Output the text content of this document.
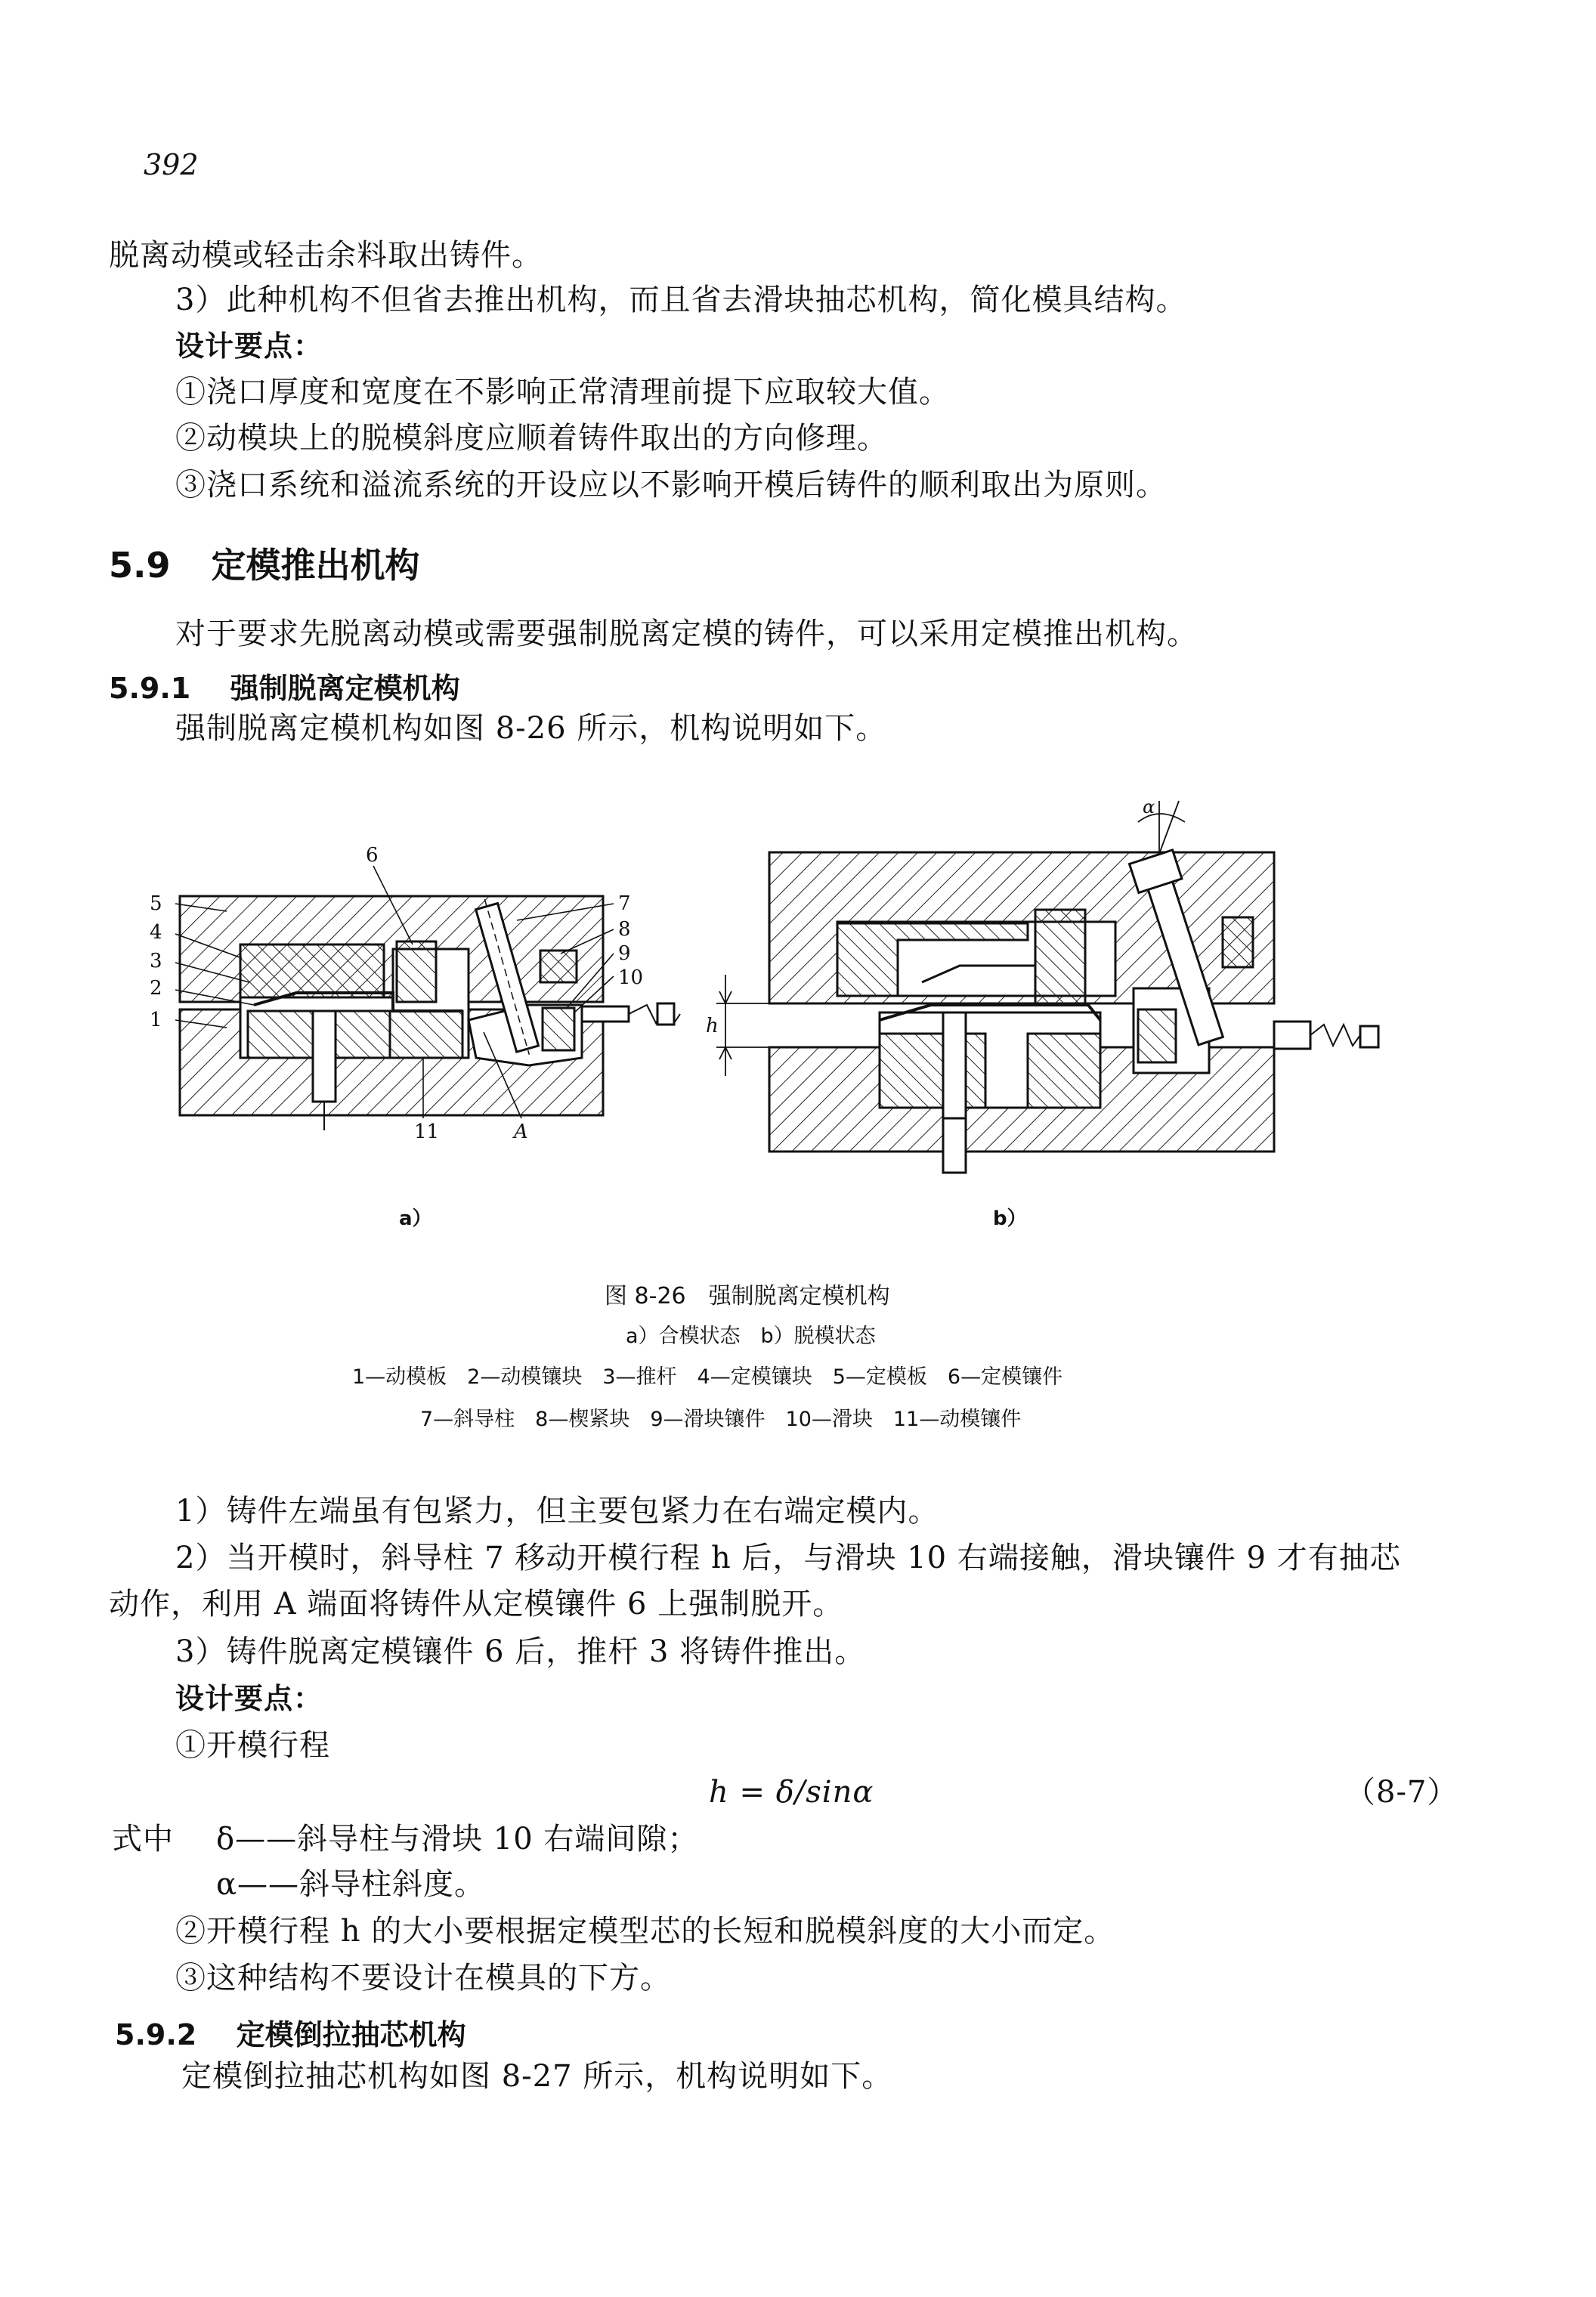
392
脱离动模或轻击余料取出铸件。
3）此种机构不但省去推出机构，而且省去滑块抽芯机构，简化模具结构。
设计要点：
①浇口厚度和宽度在不影响正常清理前提下应取较大值。
②动模块上的脱模斜度应顺着铸件取出的方向修理。
③浇口系统和溢流系统的开设应以不影响开模后铸件的顺利取出为原则。
5.9 定模推出机构
对于要求先脱离动模或需要强制脱离定模的铸件，可以采用定模推出机构。
5.9.1 强制脱离定模机构
强制脱离定模机构如图 8-26 所示，机构说明如下。
5
4
3
2
1
6
7
8
9
10
11	A
h
α
a）	b）
图 8-26　强制脱离定模机构
a）合模状态　b）脱模状态
1—动模板　2—动模镶块　3—推杆　4—定模镶块　5—定模板　6—定模镶件
7—斜导柱　8—楔紧块　9—滑块镶件　10—滑块　11—动模镶件
1）铸件左端虽有包紧力，但主要包紧力在右端定模内。
2）当开模时，斜导柱 7 移动开模行程 h 后，与滑块 10 右端接触，滑块镶件 9 才有抽芯
动作，利用 A 端面将铸件从定模镶件 6 上强制脱开。
3）铸件脱离定模镶件 6 后，推杆 3 将铸件推出。
设计要点：
①开模行程
h = δ/sinα	（8-7）
式中 δ——斜导柱与滑块 10 右端间隙；
α——斜导柱斜度。
②开模行程 h 的大小要根据定模型芯的长短和脱模斜度的大小而定。
③这种结构不要设计在模具的下方。
5.9.2 定模倒拉抽芯机构
定模倒拉抽芯机构如图 8-27 所示，机构说明如下。
